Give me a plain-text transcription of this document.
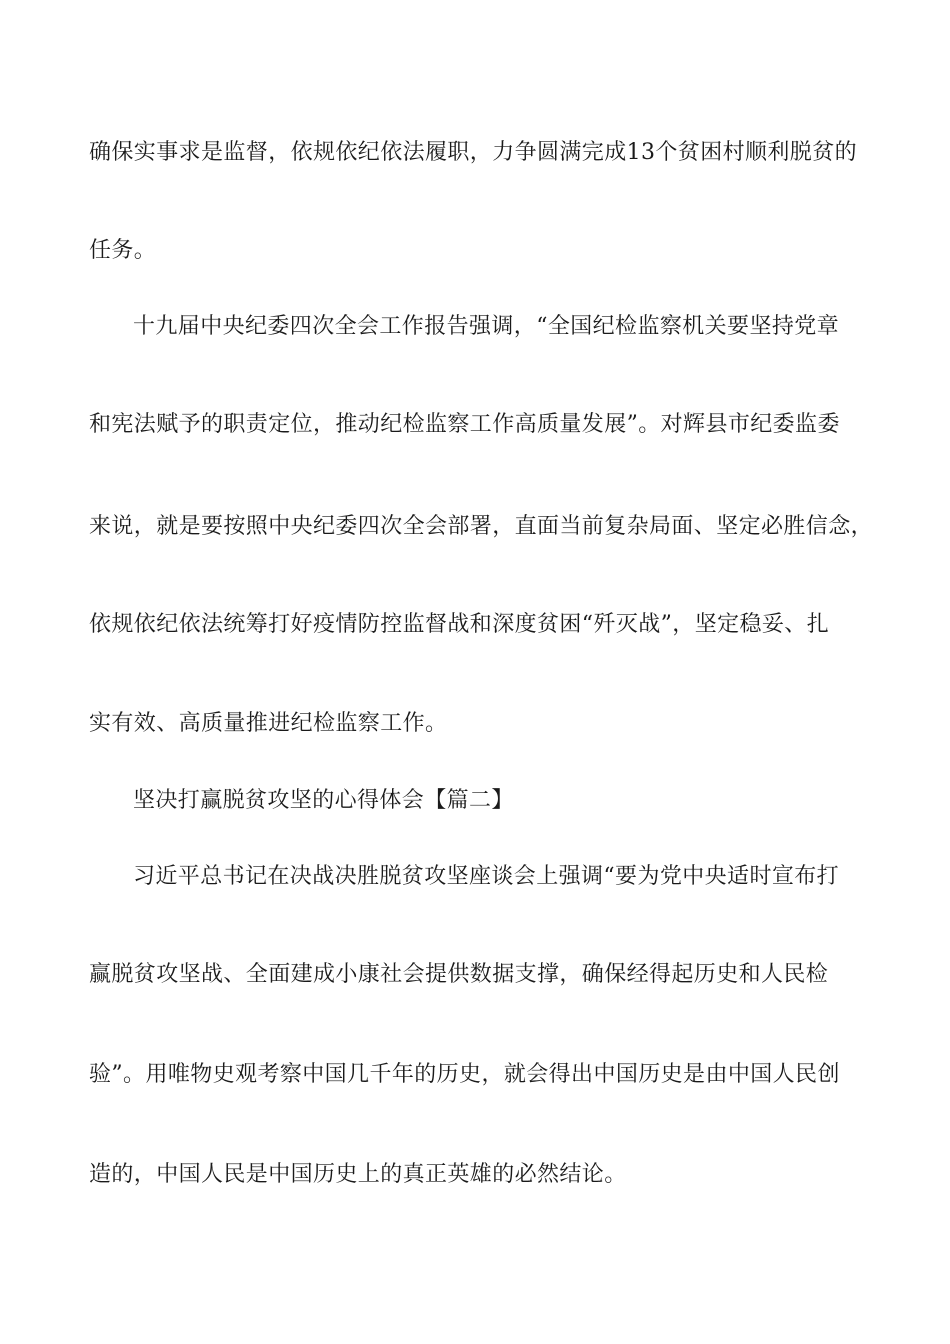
确保实事求是监督，依规依纪依法履职，力争圆满完成13个贫困村顺利脱贫的
任务。
十九届中央纪委四次全会工作报告强调，“全国纪检监察机关要坚持党章
和宪法赋予的职责定位，推动纪检监察工作高质量发展”。对辉县市纪委监委
来说，就是要按照中央纪委四次全会部署，直面当前复杂局面、坚定必胜信念，
依规依纪依法统筹打好疫情防控监督战和深度贫困“歼灭战”，坚定稳妥、扎
实有效、高质量推进纪检监察工作。
坚决打赢脱贫攻坚的心得体会【篇二】
习近平总书记在决战决胜脱贫攻坚座谈会上强调“要为党中央适时宣布打
赢脱贫攻坚战、全面建成小康社会提供数据支撑，确保经得起历史和人民检
验”。用唯物史观考察中国几千年的历史，就会得出中国历史是由中国人民创
造的，中国人民是中国历史上的真正英雄的必然结论。
